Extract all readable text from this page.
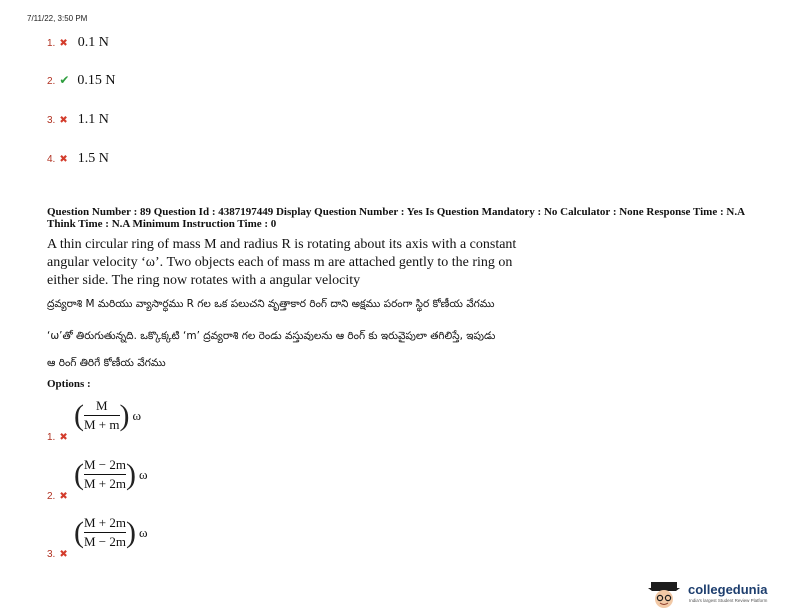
7/11/22, 3:50 PM
1. ✖ 0.1 N
2. ✔ 0.15 N
3. ✖ 1.1 N
4. ✖ 1.5 N
Question Number : 89 Question Id : 4387197449 Display Question Number : Yes Is Question Mandatory : No Calculator : None Response Time : N.A Think Time : N.A Minimum Instruction Time : 0
A thin circular ring of mass M and radius R is rotating about its axis with a constant
angular velocity ‘ω’. Two objects each of mass m are attached gently to the ring on
either side. The ring now rotates with a angular velocity
ద్రవ్యరాశి M మరియు వ్యాసార్ధము R గల ఒక పలుచని వృత్తాకార రింగ్ దాని అక్షము పరంగా స్థిర కోణీయ వేగము
‘ω’తో తిరుగుతున్నది. ఒక్కొక్కటి ‘m’ ద్రవ్యరాశి గల రెండు వస్తువులను ఆ రింగ్ కు ఇరువైపులా తగిలిస్తే, ఇపుడు
ఆ రింగ్ తిరిగే కోణీయ వేగము
Options :
1. ✖
( $\frac{M}{M + m}$ ) ω
2. ✖
( $\frac{M - 2m}{M + 2m}$ ) ω
3. ✖
( $\frac{M + 2m}{M - 2m}$ ) ω
collegedunia
India's largest Student Review Platform
